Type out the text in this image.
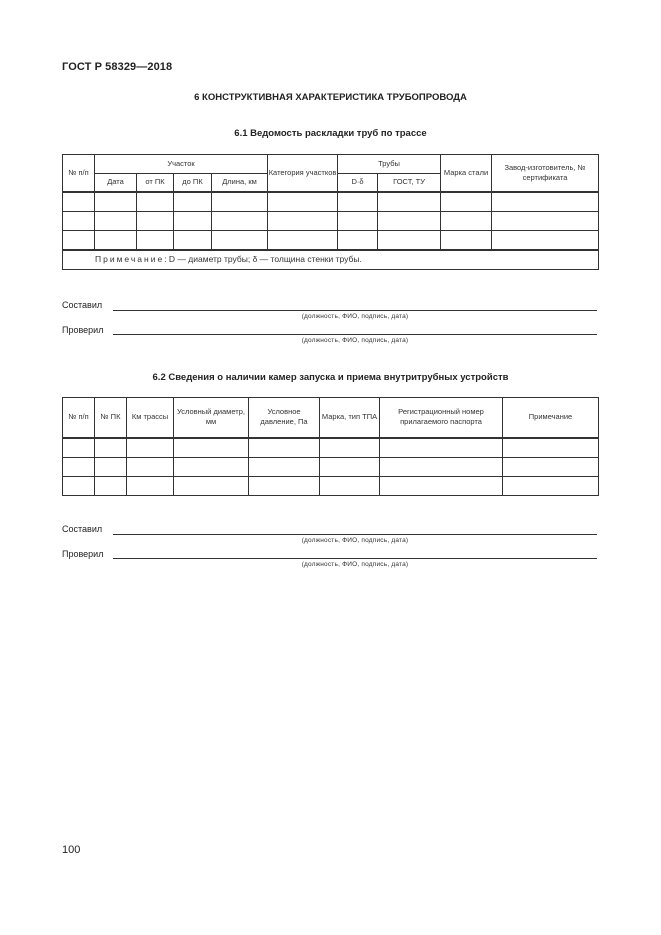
ГОСТ Р 58329—2018
6 КОНСТРУКТИВНАЯ ХАРАКТЕРИСТИКА ТРУБОПРОВОДА
6.1 Ведомость раскладки труб по трассе
№ п/п	Участок				Категория участков	Трубы		Марка стали	Завод-изготовитель, № сертификата
	Дата	от ПК	до ПК	Длина, км		D·δ	ГОСТ, ТУ		

Примечание: D — диаметр трубы; δ — толщина стенки трубы.									
Составил
(должность, ФИО, подпись, дата)
Проверил
(должность, ФИО, подпись, дата)
6.2 Сведения о наличии камер запуска и приема внутритрубных устройств
№ п/п	№ ПК	Км трассы	Условный диаметр, мм	Условное давление, Па	Марка, тип ТПА	Регистрационный номер прилагаемого паспорта	Примечание

Составил
(должность, ФИО, подпись, дата)
Проверил
(должность, ФИО, подпись, дата)
100
